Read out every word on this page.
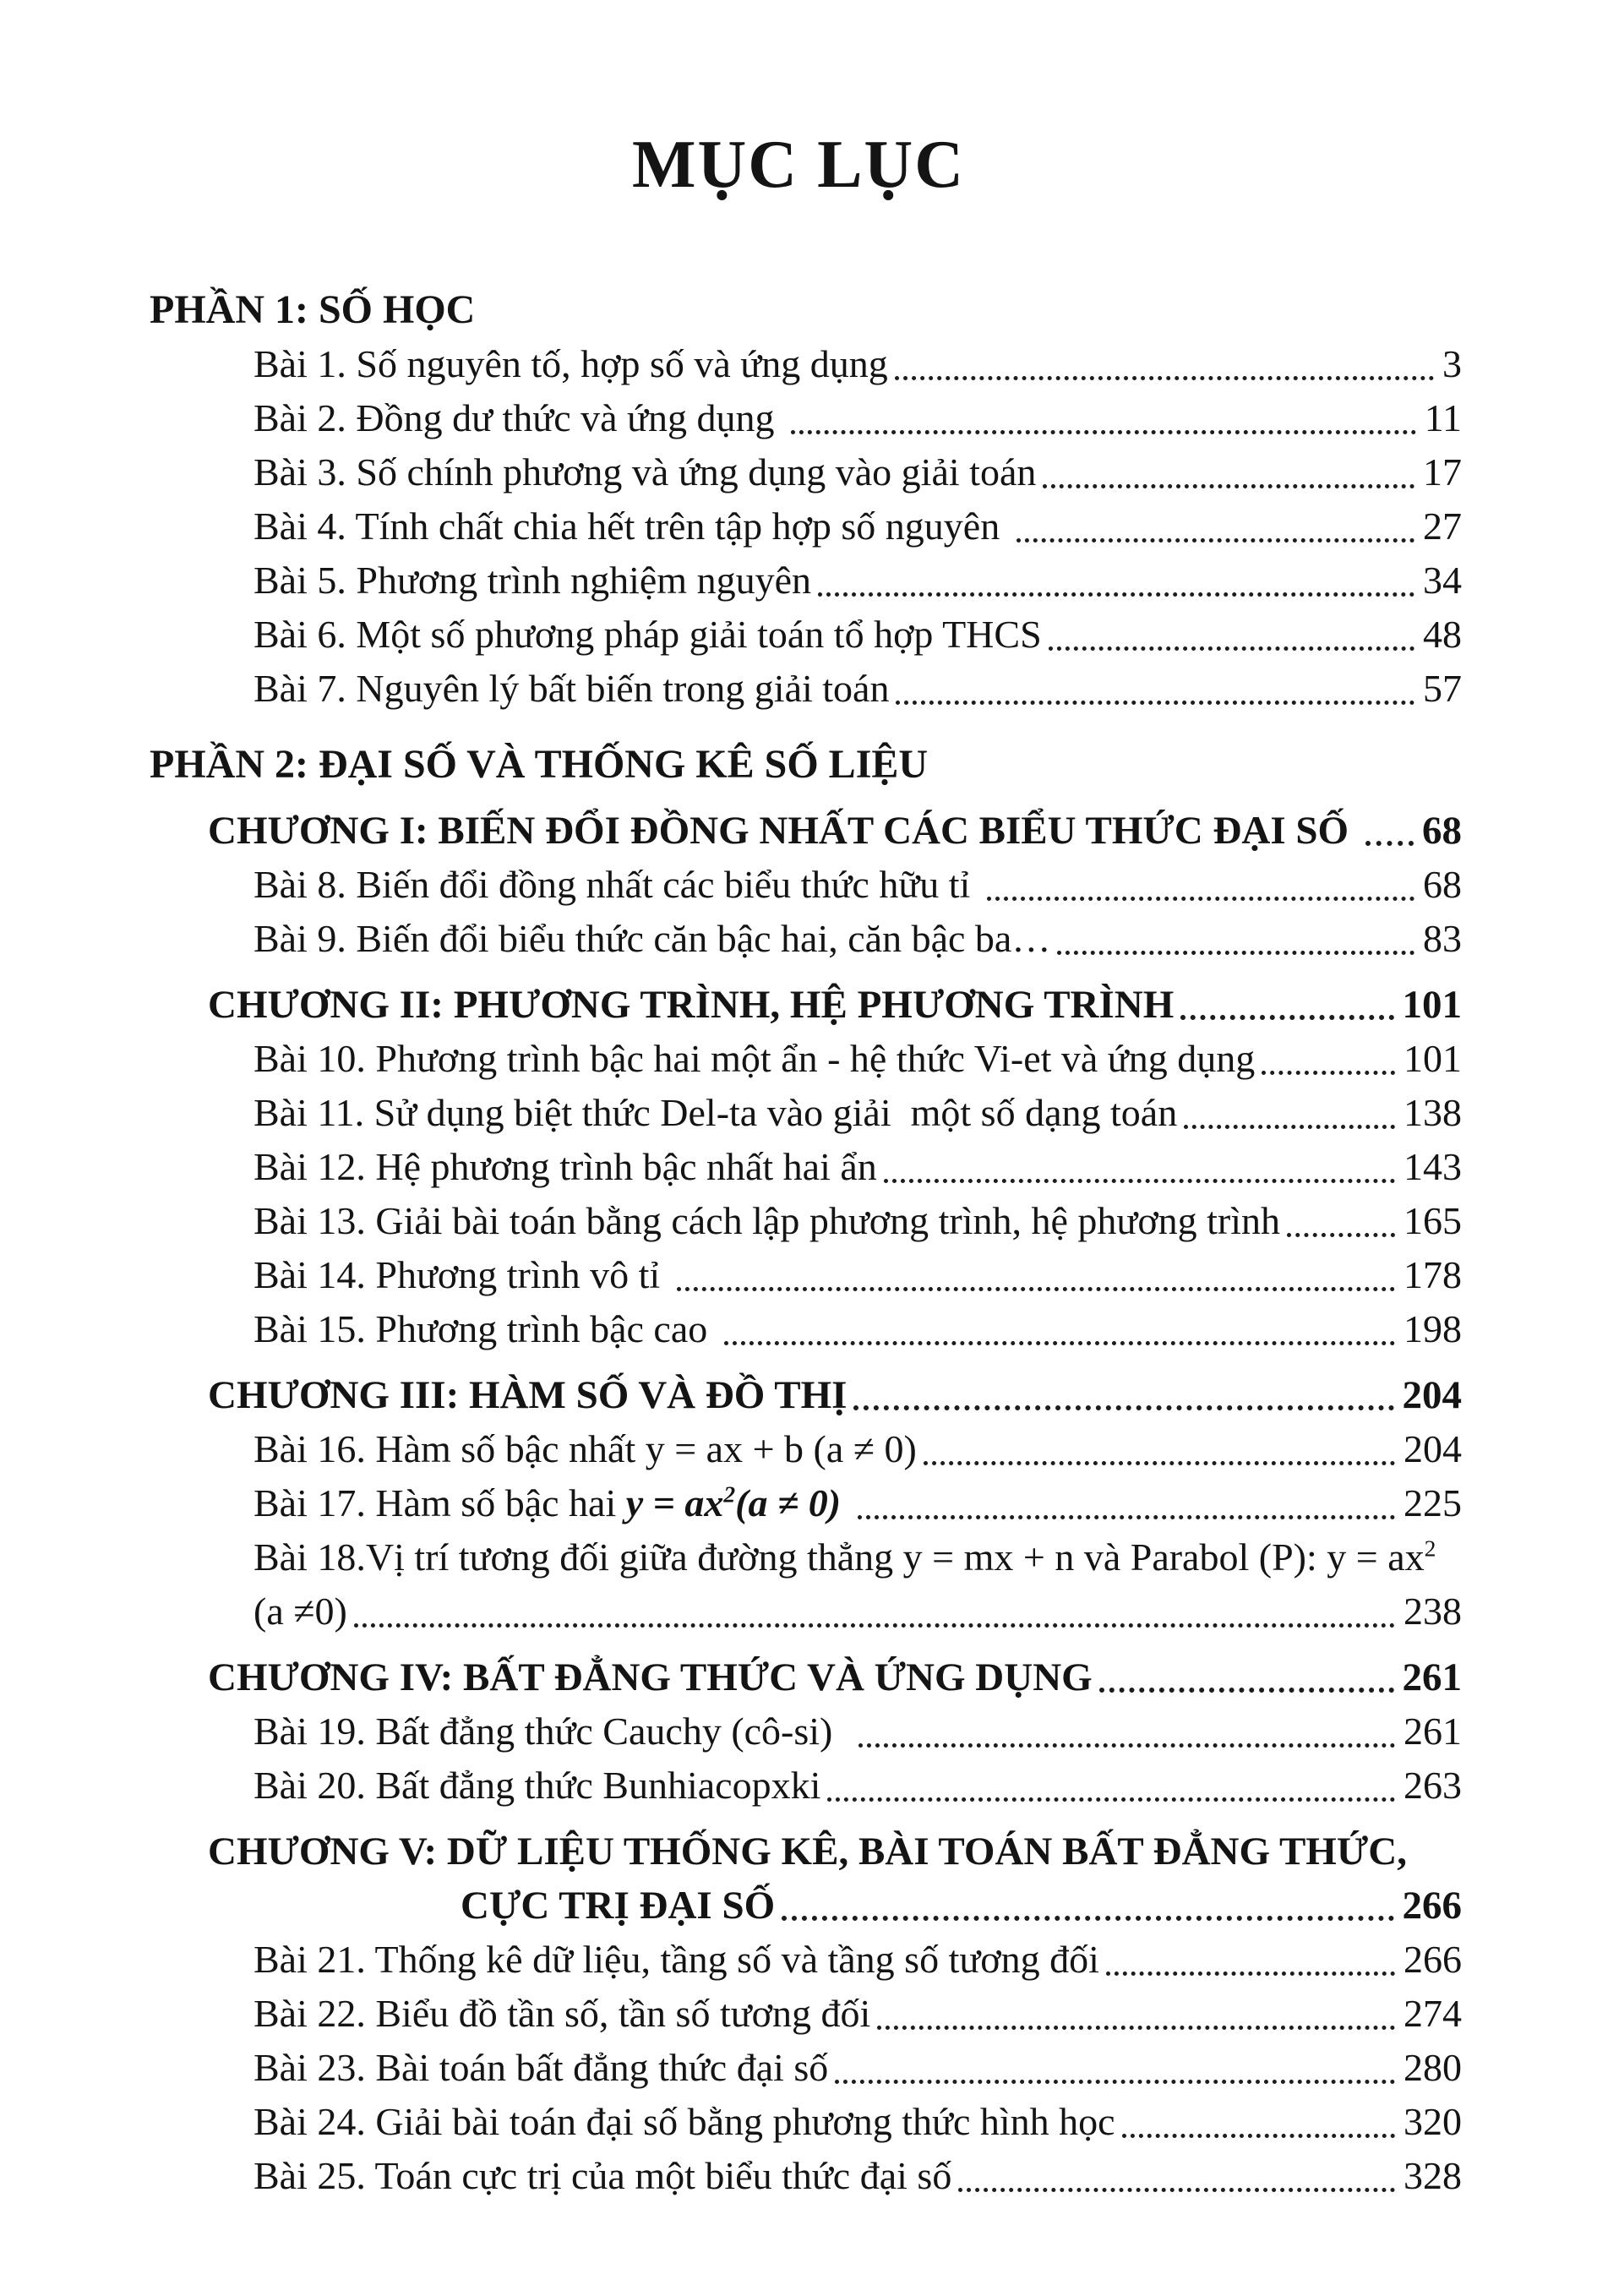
MỤC LỤC
PHẦN 1: SỐ HỌC
Bài 1. Số nguyên tố, hợp số và ứng dụng	3
Bài 2. Đồng dư thức và ứng dụng	11
Bài 3. Số chính phương và ứng dụng vào giải toán	17
Bài 4. Tính chất chia hết trên tập hợp số nguyên	27
Bài 5. Phương trình nghiệm nguyên	34
Bài 6. Một số phương pháp giải toán tổ hợp THCS	48
Bài 7. Nguyên lý bất biến trong giải toán	57
PHẦN 2: ĐẠI SỐ VÀ THỐNG KÊ SỐ LIỆU
CHƯƠNG I: BIẾN ĐỔI ĐỒNG NHẤT CÁC BIỂU THỨC ĐẠI SỐ 68
Bài 8. Biến đổi đồng nhất các biểu thức hữu tỉ	68
Bài 9. Biến đổi biểu thức căn bậc hai, căn bậc ba…	83
CHƯƠNG II: PHƯƠNG TRÌNH, HỆ PHƯƠNG TRÌNH	101
Bài 10. Phương trình bậc hai một ẩn - hệ thức Vi-et và ứng dụng	101
Bài 11. Sử dụng biệt thức Del-ta vào giải  một số dạng toán	138
Bài 12. Hệ phương trình bậc nhất hai ẩn	143
Bài 13. Giải bài toán bằng cách lập phương trình, hệ phương trình	165
Bài 14. Phương trình vô tỉ	178
Bài 15. Phương trình bậc cao	198
CHƯƠNG III: HÀM SỐ VÀ ĐỒ THỊ	204
Bài 16. Hàm số bậc nhất y = ax + b (a ≠ 0)	204
Bài 17. Hàm số bậc hai $y = ax^2(a \ne 0)$	225
Bài 18.Vị trí tương đối giữa đường thẳng y = mx + n và Parabol (P): $y = ax^2$
(a ≠0)	238
CHƯƠNG IV: BẤT ĐẲNG THỨC VÀ ỨNG DỤNG	261
Bài 19. Bất đẳng thức Cauchy (cô-si)	261
Bài 20. Bất đẳng thức Bunhiacopxki	263
CHƯƠNG V: DỮ LIỆU THỐNG KÊ, BÀI TOÁN BẤT ĐẲNG THỨC,
CỰC TRỊ ĐẠI SỐ	266
Bài 21. Thống kê dữ liệu, tầng số và tầng số tương đối	266
Bài 22. Biểu đồ tần số, tần số tương đối	274
Bài 23. Bài toán bất đẳng thức đại số	280
Bài 24. Giải bài toán đại số bằng phương thức hình học	320
Bài 25. Toán cực trị của một biểu thức đại số	328
